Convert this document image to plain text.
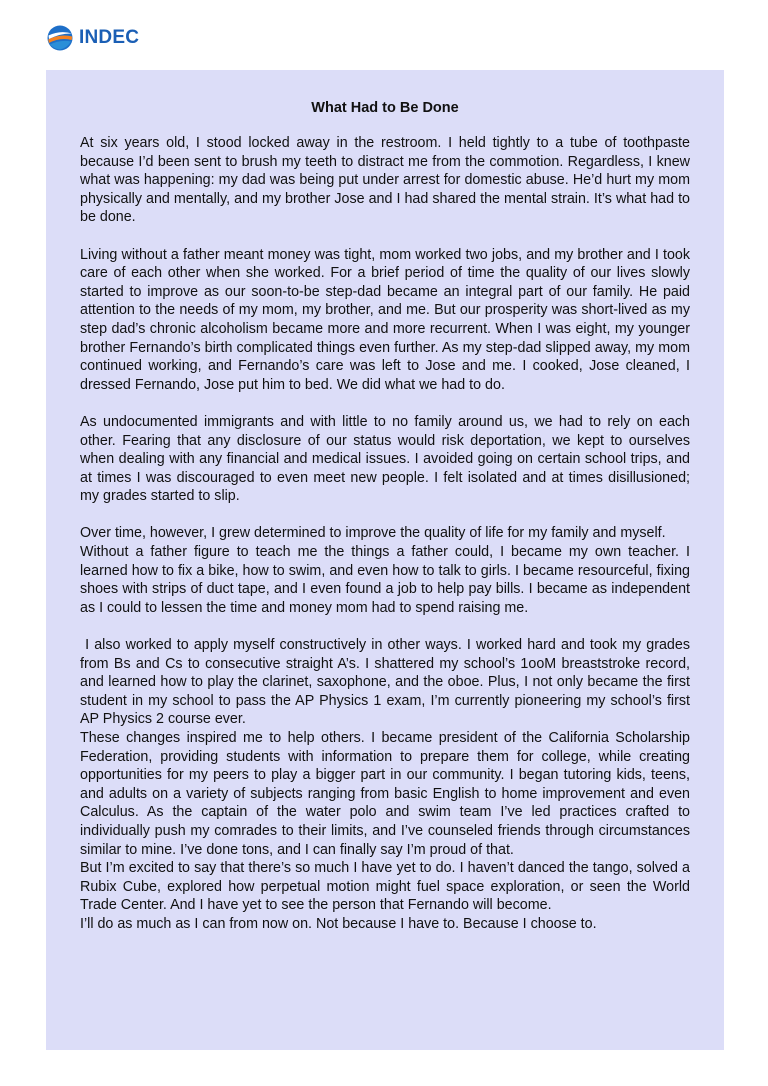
INDEC
What Had to Be Done

At six years old, I stood locked away in the restroom. I held tightly to a tube of toothpaste because I’d been sent to brush my teeth to distract me from the commotion. Regardless, I knew what was happening: my dad was being put under arrest for domestic abuse. He’d hurt my mom physically and mentally, and my brother Jose and I had shared the mental strain. It’s what had to be done.

Living without a father meant money was tight, mom worked two jobs, and my brother and I took care of each other when she worked. For a brief period of time the quality of our lives slowly started to improve as our soon-to-be step-dad became an integral part of our family. He paid attention to the needs of my mom, my brother, and me. But our prosperity was short-lived as my step dad’s chronic alcoholism became more and more recurrent. When I was eight, my younger brother Fernando’s birth complicated things even further. As my step-dad slipped away, my mom continued working, and Fernando’s care was left to Jose and me. I cooked, Jose cleaned, I dressed Fernando, Jose put him to bed. We did what we had to do.

As undocumented immigrants and with little to no family around us, we had to rely on each other. Fearing that any disclosure of our status would risk deportation, we kept to ourselves when dealing with any financial and medical issues. I avoided going on certain school trips, and at times I was discouraged to even meet new people. I felt isolated and at times disillusioned; my grades started to slip.

Over time, however, I grew determined to improve the quality of life for my family and myself.

Without a father figure to teach me the things a father could, I became my own teacher. I learned how to fix a bike, how to swim, and even how to talk to girls. I became resourceful, fixing shoes with strips of duct tape, and I even found a job to help pay bills. I became as independent as I could to lessen the time and money mom had to spend raising me.

I also worked to apply myself constructively in other ways. I worked hard and took my grades from Bs and Cs to consecutive straight A’s. I shattered my school’s 1ooM breaststroke record, and learned how to play the clarinet, saxophone, and the oboe. Plus, I not only became the first student in my school to pass the AP Physics 1 exam, I’m currently pioneering my school’s first AP Physics 2 course ever.

These changes inspired me to help others. I became president of the California Scholarship Federation, providing students with information to prepare them for college, while creating opportunities for my peers to play a bigger part in our community. I began tutoring kids, teens, and adults on a variety of subjects ranging from basic English to home improvement and even Calculus. As the captain of the water polo and swim team I’ve led practices crafted to individually push my comrades to their limits, and I’ve counseled friends through circumstances similar to mine. I’ve done tons, and I can finally say I’m proud of that.

But I’m excited to say that there’s so much I have yet to do. I haven’t danced the tango, solved a Rubix Cube, explored how perpetual motion might fuel space exploration, or seen the World Trade Center. And I have yet to see the person that Fernando will become.

I’ll do as much as I can from now on. Not because I have to. Because I choose to.
